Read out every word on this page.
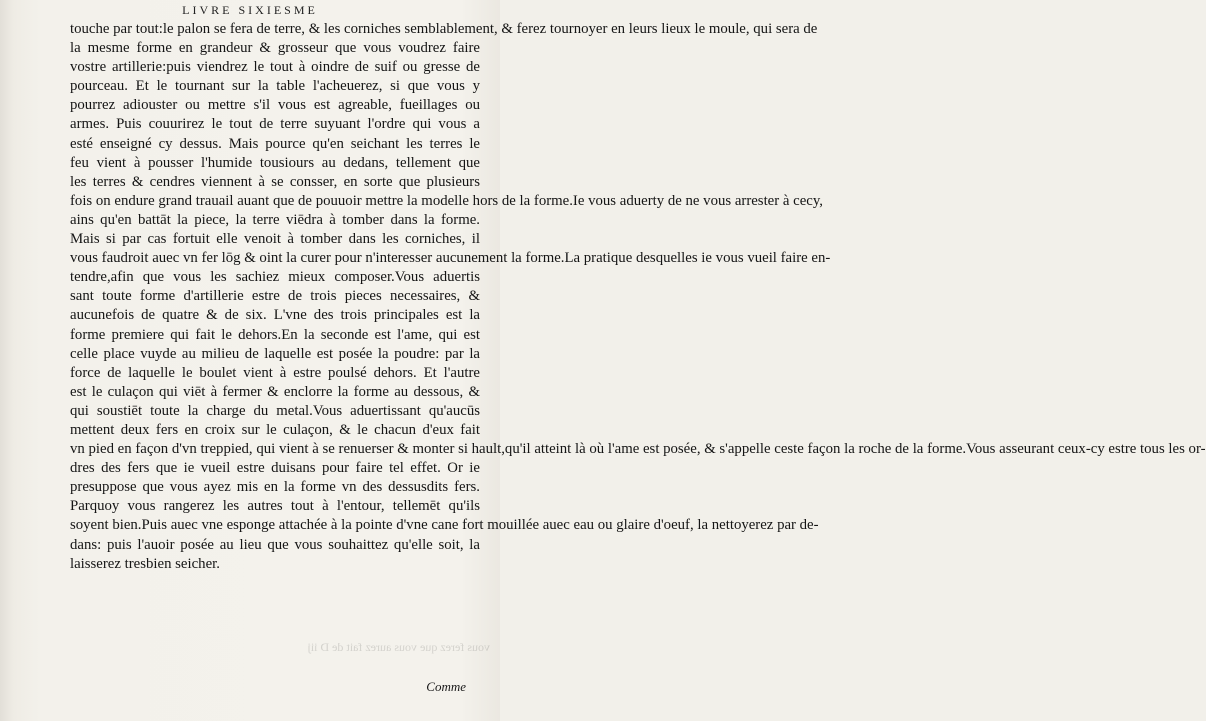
LIVRE SIXIESME
touche par tout:le palon se fera de terre, & les corniches semblablement, & ferez tournoyer en leurs lieux le moule, qui sera de
la mesme forme en grandeur & grosseur que vous voudrez faire
vostre artillerie:puis viendrez le tout à oindre de suif ou gresse de
pourceau. Et le tournant sur la table l'acheuerez, si que vous y
pourrez adiouster ou mettre s'il vous est agreable, fueillages ou
armes. Puis couurirez le tout de terre suyuant l'ordre qui vous a
esté enseigné cy dessus. Mais pource qu'en seichant les terres le
feu vient à pousser l'humide tousiours au dedans, tellement que
les terres & cendres viennent à se consser, en sorte que plusieurs
fois on endure grand trauail auant que de pouuoir mettre la modelle hors de la forme.Ie vous aduerty de ne vous arrester à cecy,
ains qu'en battāt la piece, la terre viēdra à tomber dans la forme.
Mais si par cas fortuit elle venoit à tomber dans les corniches, il
vous faudroit auec vn fer lōg & oint la curer pour n'interesser aucunement la forme.La pratique desquelles ie vous vueil faire en-
tendre,afin que vous les sachiez mieux composer.Vous aduertis
sant toute forme d'artillerie estre de trois pieces necessaires, &
aucunefois de quatre & de six. L'vne des trois principales est la
forme premiere qui fait le dehors.En la seconde est l'ame, qui est
celle place vuyde au milieu de laquelle est posée la poudre: par la
force de laquelle le boulet vient à estre poulsé dehors. Et l'autre
est le culaçon qui viēt à fermer & enclorre la forme au dessous, &
qui soustiēt toute la charge du metal.Vous aduertissant qu'aucūs
mettent deux fers en croix sur le culaçon, & le chacun d'eux fait
vn pied en façon d'vn treppied, qui vient à se renuerser & monter si hault,qu'il atteint là où l'ame est posée, & s'appelle ceste façon la roche de la forme.Vous asseurant ceux-cy estre tous les or-
dres des fers que ie vueil estre duisans pour faire tel effet. Or ie
presuppose que vous ayez mis en la forme vn des dessusdits fers.
Parquoy vous rangerez les autres tout à l'entour, tellemēt qu'ils
soyent bien.Puis auec vne esponge attachée à la pointe d'vne cane fort mouillée auec eau ou glaire d'oeuf, la nettoyerez par de-
dans: puis l'auoir posée au lieu que vous souhaittez qu'elle soit, la
laisserez tresbien seicher.
vous ferez que vous aurez fait de D iij
Comme
